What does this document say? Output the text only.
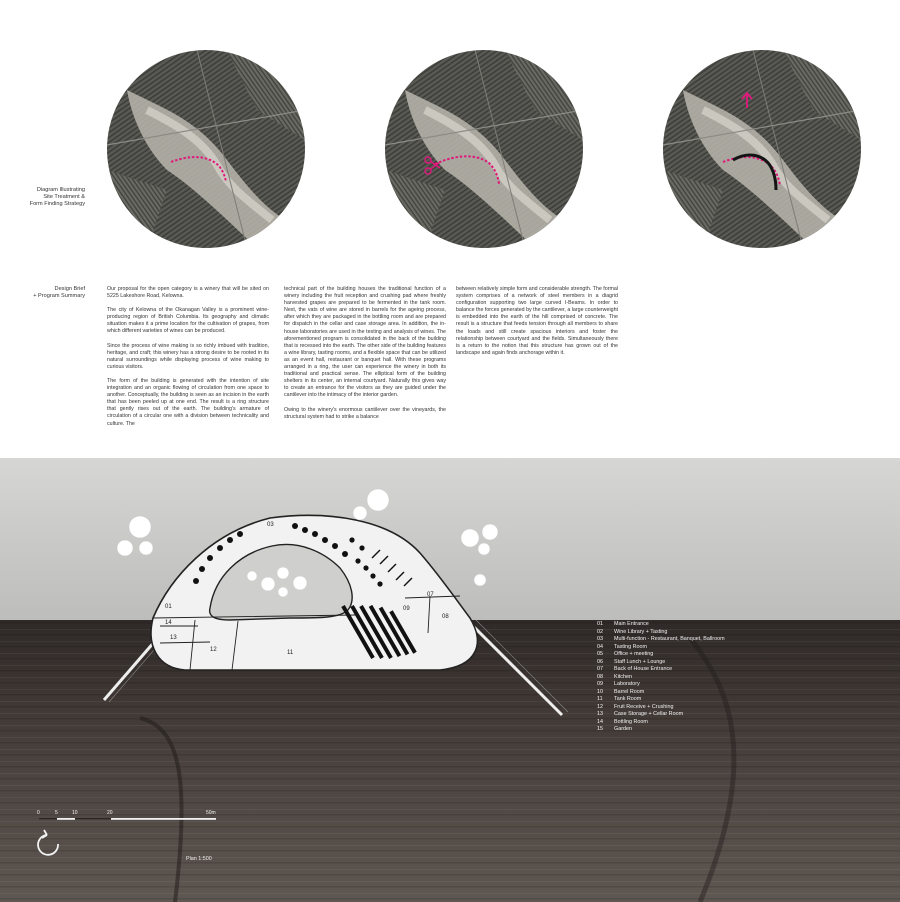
Diagram Illustrating
Site Treatment &
Form Finding Strategy
Design Brief
+ Program Summary

Our proposal for the open category is a winery that will be sited on 5225 Lakeshore Road, Kelowna.

The city of Kelowna of the Okanagan Valley is a prominent wine-producing region of British Columbia. Its geography and climatic situation makes it a prime location for the cultivation of grapes, from which different varieties of wines can be produced.

Since the process of wine making is so richly imbued with tradition, heritage, and craft; this winery has a strong desire to be rooted in its natural surroundings while displaying process of wine making to curious visitors.

The form of the building is generated with the intention of site integration and an organic flowing of circulation from one space to another. Conceptually, the building is seen as an incision in the earth that has been peeled up at one end. The result is a ring structure that gently rises out of the earth. The building's armature of circulation of a circular one with a division between technicality and culture. The

technical part of the building houses the traditional function of a winery including the fruit reception and crushing pad where freshly harvested grapes are prepared to be fermented in the tank room. Next, the vats of wine are stored in barrels for the ageing process, after which they are packaged in the bottling room and are prepared for dispatch in the cellar and case storage area. In addition, the in-house laboratories are used in the testing and analysis of wines. The aforementioned program is consolidated in the back of the building that is recessed into the earth. The other side of the building features a wine library, tasting rooms, and a flexible space that can be utilized as an event hall, restaurant or banquet hall. With these programs arranged in a ring, the user can experience the winery in both its traditional and practical sense. The elliptical form of the building shelters in its center, an internal courtyard. Naturally this gives way to create an entrance for the visitors as they are guided under the cantilever into the intimacy of the interior garden.

Owing to the winery's enormous cantilever over the vineyards, the structural system had to strike a balance

between relatively simple form and considerable strength. The formal system comprises of a network of steel members in a diagrid configuration supporting two large curved I-Beams. In order to balance the forces generated by the cantilever, a large counterweight is embedded into the earth of the hill comprised of concrete. The result is a structure that feeds tension through all members to share the loads and still create spacious interiors and foster the relationship between courtyard and the fields. Simultaneously there is a return to the notion that this structure has grown out of the landscape and again finds anchorage within it.

03
01
14
13
12	11
09
08
07
0	5	10	20	50m
Plan 1:500
01	Main Entrance
02	Wine Library + Tasting
03	Multi-function - Restaurant, Banquet, Ballroom
04	Tasting Room
05	Office + meeting
06	Staff Lunch + Lounge
07	Back of House Entrance
08	Kitchen
09	Laboratory
10	Barrel Room
11	Tank Room
12	Fruit Receive + Crushing
13	Case Storage + Cellar Room
14	Bottling Room
15	Garden
